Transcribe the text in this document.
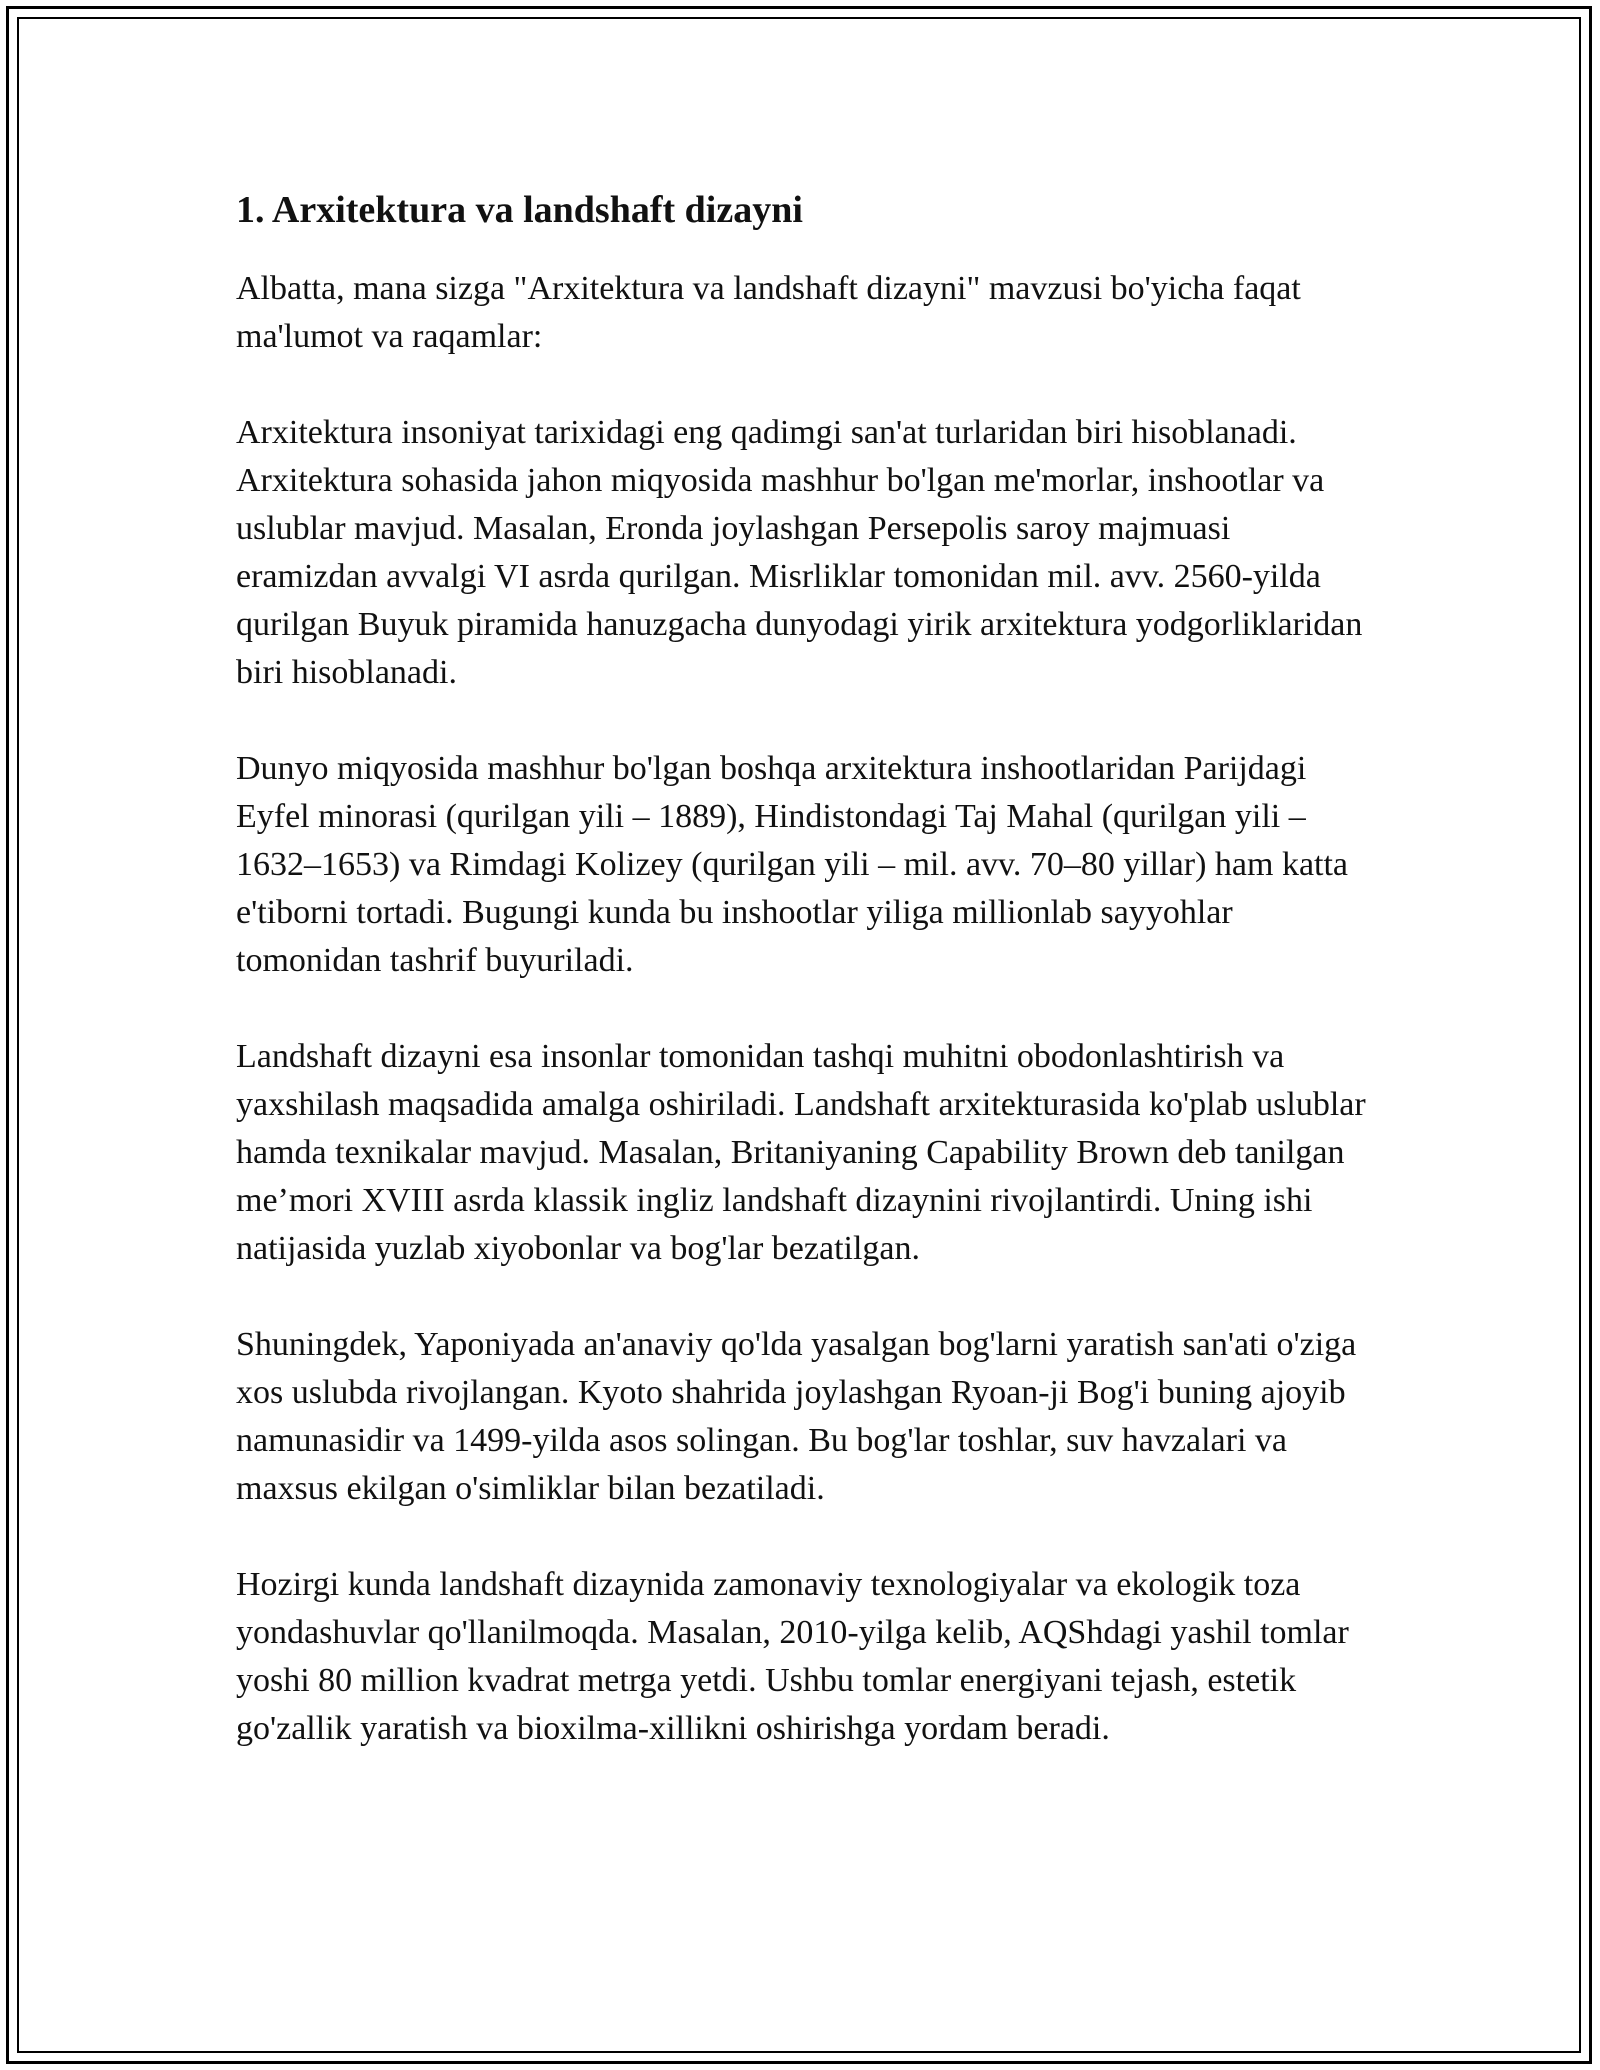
1. Arxitektura va landshaft dizayni

Albatta, mana sizga "Arxitektura va landshaft dizayni" mavzusi bo'yicha faqat ma'lumot va raqamlar:

Arxitektura insoniyat tarixidagi eng qadimgi san'at turlaridan biri hisoblanadi. Arxitektura sohasida jahon miqyosida mashhur bo'lgan me'morlar, inshootlar va uslublar mavjud. Masalan, Eronda joylashgan Persepolis saroy majmuasi eramizdan avvalgi VI asrda qurilgan. Misrliklar tomonidan mil. avv. 2560-yilda qurilgan Buyuk piramida hanuzgacha dunyodagi yirik arxitektura yodgorliklaridan biri hisoblanadi.

Dunyo miqyosida mashhur bo'lgan boshqa arxitektura inshootlaridan Parijdagi Eyfel minorasi (qurilgan yili – 1889), Hindistondagi Taj Mahal (qurilgan yili – 1632–1653) va Rimdagi Kolizey (qurilgan yili – mil. avv. 70–80 yillar) ham katta e'tiborni tortadi. Bugungi kunda bu inshootlar yiliga millionlab sayyohlar tomonidan tashrif buyuriladi.

Landshaft dizayni esa insonlar tomonidan tashqi muhitni obodonlashtirish va yaxshilash maqsadida amalga oshiriladi. Landshaft arxitekturasida ko'plab uslublar hamda texnikalar mavjud. Masalan, Britaniyaning Capability Brown deb tanilgan me’mori XVIII asrda klassik ingliz landshaft dizaynini rivojlantirdi. Uning ishi natijasida yuzlab xiyobonlar va bog'lar bezatilgan.

Shuningdek, Yaponiyada an'anaviy qo'lda yasalgan bog'larni yaratish san'ati o'ziga xos uslubda rivojlangan. Kyoto shahrida joylashgan Ryoan-ji Bog'i buning ajoyib namunasidir va 1499-yilda asos solingan. Bu bog'lar toshlar, suv havzalari va maxsus ekilgan o'simliklar bilan bezatiladi.

Hozirgi kunda landshaft dizaynida zamonaviy texnologiyalar va ekologik toza yondashuvlar qo'llanilmoqda. Masalan, 2010-yilga kelib, AQShdagi yashil tomlar yoshi 80 million kvadrat metrga yetdi. Ushbu tomlar energiyani tejash, estetik go'zallik yaratish va bioxilma-xillikni oshirishga yordam beradi.
